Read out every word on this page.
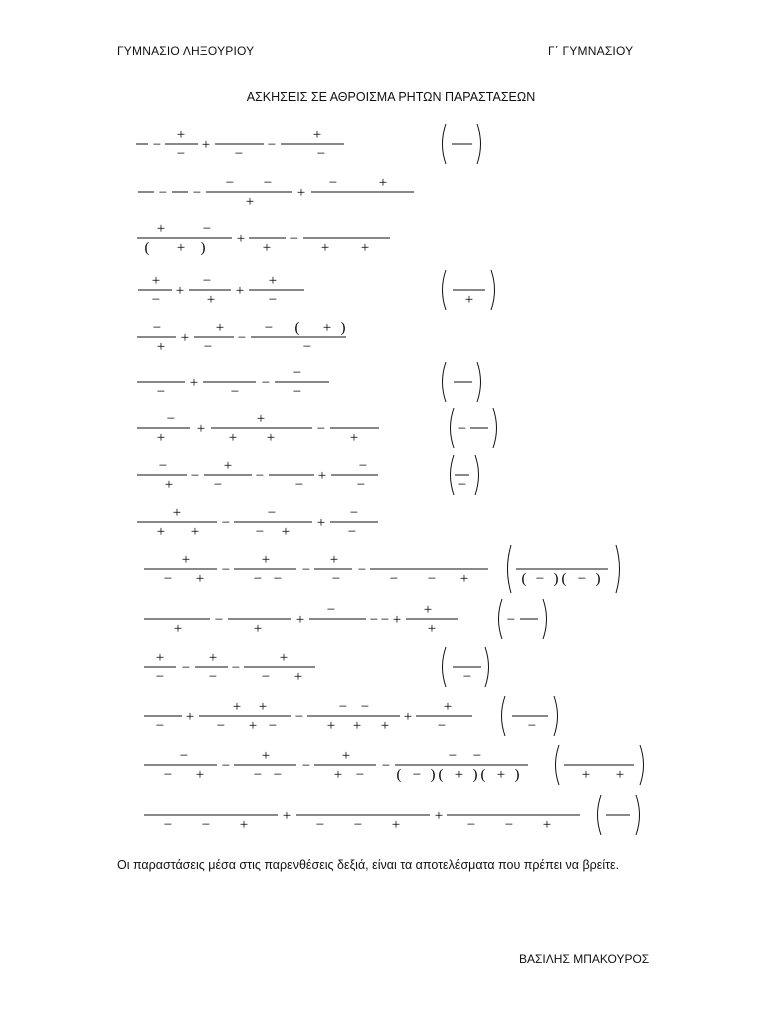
ΓΥΜΝΑΣΙΟ ΛΗΞΟΥΡΙΟΥ	Γ΄ ΓΥΜΝΑΣΙΟΥ
ΑΣΚΗΣΕΙΣ ΣΕ ΑΘΡΟΙΣΜΑ ΡΗΤΩΝ ΠΑΡΑΣΤΑΣΕΩΝ
−
+
−
+
−
−
+
−
− −
− −
+
+
−	+
+	−
( + )
+
+
−
+ +
+
−
+
−
+
+
+
−	+
−
+
+
+
−
−
− ( + )
−
−
+
−
−
−
−
−
+
+
+
+ +
−
+
−
−
+
−
+
−
−
−
+
−
−	−
+
+ +
−
−
− +
+
−
−
+
− +
−
+
− −
−
+
−
−
− − +	( − ) ( − )
+
−
+
+
−
− − +
+
+
−
+
−
−
+
−
−
+
− +	−
−
+
+ +
− + −
−
− −
+ + +
+
+
−	−
−
− +
−
+
− −
−
+
+ −
−
− −
( − ) ( + ) ( + )	+ +
− − +
+
− − +
+
− − +
Οι παραστάσεις μέσα στις παρενθέσεις δεξιά, είναι τα αποτελέσματα που πρέπει να βρείτε.
ΒΑΣΙΛΗΣ ΜΠΑΚΟΥΡΟΣ
